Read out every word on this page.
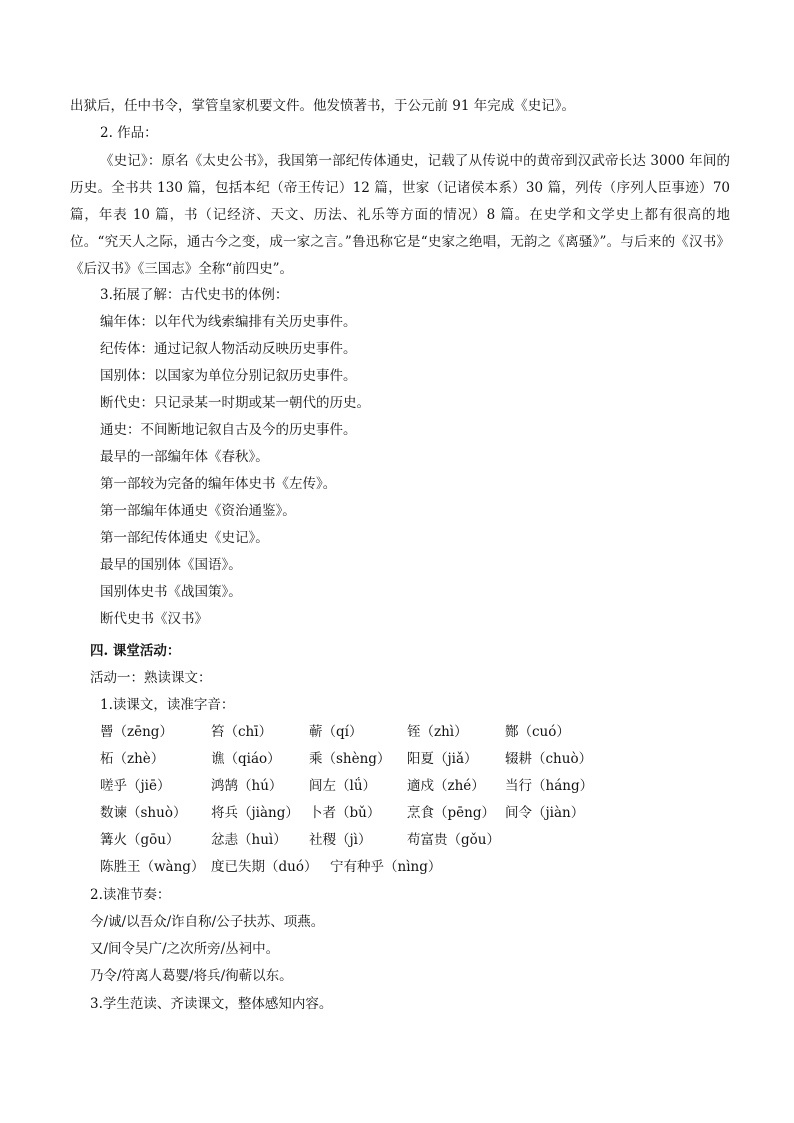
出狱后，任中书令，掌管皇家机要文件。他发愤著书，于公元前 91 年完成《史记》。
2. 作品：
《史记》：原名《太史公书》，我国第一部纪传体通史，记载了从传说中的黄帝到汉武帝长达 3000 年间的历史。全书共 130 篇，包括本纪（帝王传记）12 篇，世家（记诸侯本系）30 篇，列传（序列人臣事迹）70 篇，年表 10 篇，书（记经济、天文、历法、礼乐等方面的情况）8 篇。在史学和文学史上都有很高的地位。“究天人之际，通古今之变，成一家之言。”鲁迅称它是“史家之绝唱，无韵之《离骚》”。与后来的《汉书》《后汉书》《三国志》全称“前四史”。
3.拓展了解：古代史书的体例：
编年体：以年代为线索编排有关历史事件。
纪传体：通过记叙人物活动反映历史事件。
国别体：以国家为单位分别记叙历史事件。
断代史：只记录某一时期或某一朝代的历史。
通史：不间断地记叙自古及今的历史事件。
最早的一部编年体《春秋》。
第一部较为完备的编年体史书《左传》。
第一部编年体通史《资治通鉴》。
第一部纪传体通史《史记》。
最早的国别体《国语》。
国别体史书《战国策》。
断代史书《汉书》
四. 课堂活动：
活动一：熟读课文：
1.读课文，读准字音：
罾（zēng）	笞（chī）	蕲（qí）	铚（zhì）	酂（cuó）
柘（zhè）	谯（qiáo） 乘（shèng） 阳夏（jiǎ） 辍耕（chuò）
嗟乎（jiē）	鸿鹄（hú） 闾左（lǘ） 適戍（zhé） 当行（háng）
数谏（shuò） 将兵（jiàng） 卜者（bǔ） 烹食（pēng） 间令（jiàn）
篝火（gōu） 忿恚（huì） 社稷（jì）	苟富贵（gǒu）
陈胜王（wàng） 度已失期（duó） 宁有种乎（nìng）
2.读准节奏：
今/诚/以吾众/诈自称/公子扶苏、项燕。
又/间令吴广/之次所旁/丛祠中。
乃令/符离人葛婴/将兵/徇蕲以东。
3.学生范读、齐读课文，整体感知内容。
